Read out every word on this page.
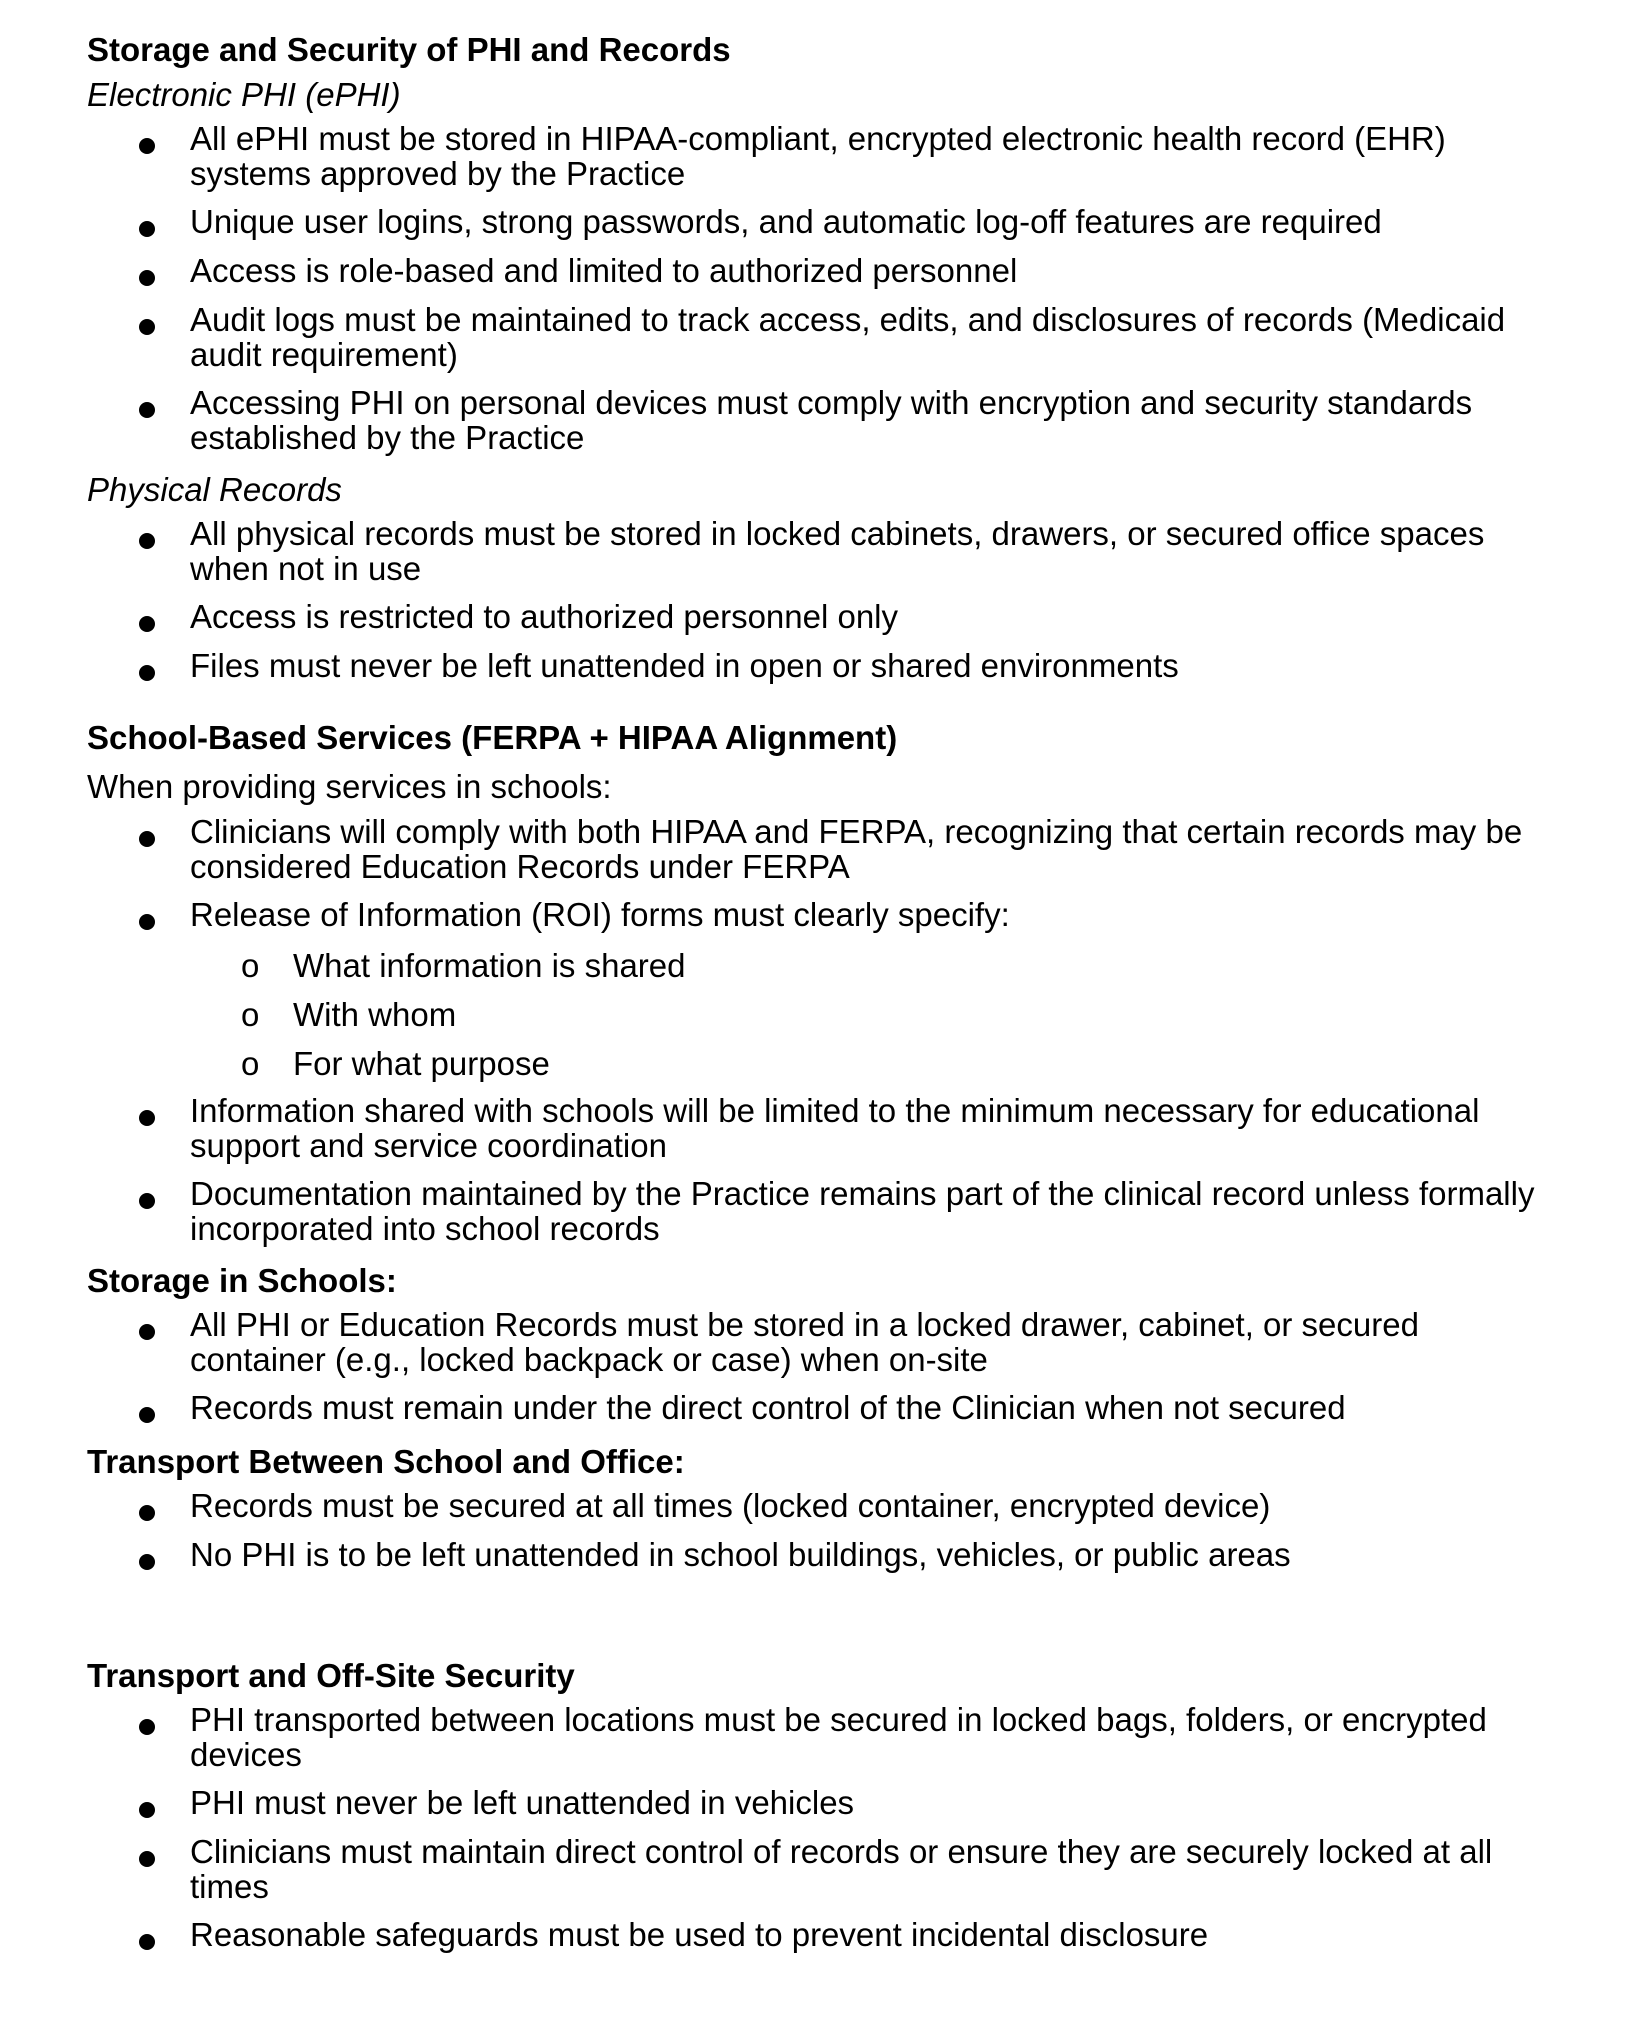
Storage and Security of PHI and Records
Electronic PHI (ePHI)
All ePHI must be stored in HIPAA-compliant, encrypted electronic health record (EHR) systems approved by the Practice
Unique user logins, strong passwords, and automatic log-off features are required
Access is role-based and limited to authorized personnel
Audit logs must be maintained to track access, edits, and disclosures of records (Medicaid audit requirement)
Accessing PHI on personal devices must comply with encryption and security standards established by the Practice
Physical Records
All physical records must be stored in locked cabinets, drawers, or secured office spaces when not in use
Access is restricted to authorized personnel only
Files must never be left unattended in open or shared environments
School-Based Services (FERPA + HIPAA Alignment)
When providing services in schools:
Clinicians will comply with both HIPAA and FERPA, recognizing that certain records may be considered Education Records under FERPA
Release of Information (ROI) forms must clearly specify:
o What information is shared
o With whom
o For what purpose
Information shared with schools will be limited to the minimum necessary for educational support and service coordination
Documentation maintained by the Practice remains part of the clinical record unless formally incorporated into school records
Storage in Schools:
All PHI or Education Records must be stored in a locked drawer, cabinet, or secured container (e.g., locked backpack or case) when on-site
Records must remain under the direct control of the Clinician when not secured
Transport Between School and Office:
Records must be secured at all times (locked container, encrypted device)
No PHI is to be left unattended in school buildings, vehicles, or public areas
Transport and Off-Site Security
PHI transported between locations must be secured in locked bags, folders, or encrypted devices
PHI must never be left unattended in vehicles
Clinicians must maintain direct control of records or ensure they are securely locked at all times
Reasonable safeguards must be used to prevent incidental disclosure
